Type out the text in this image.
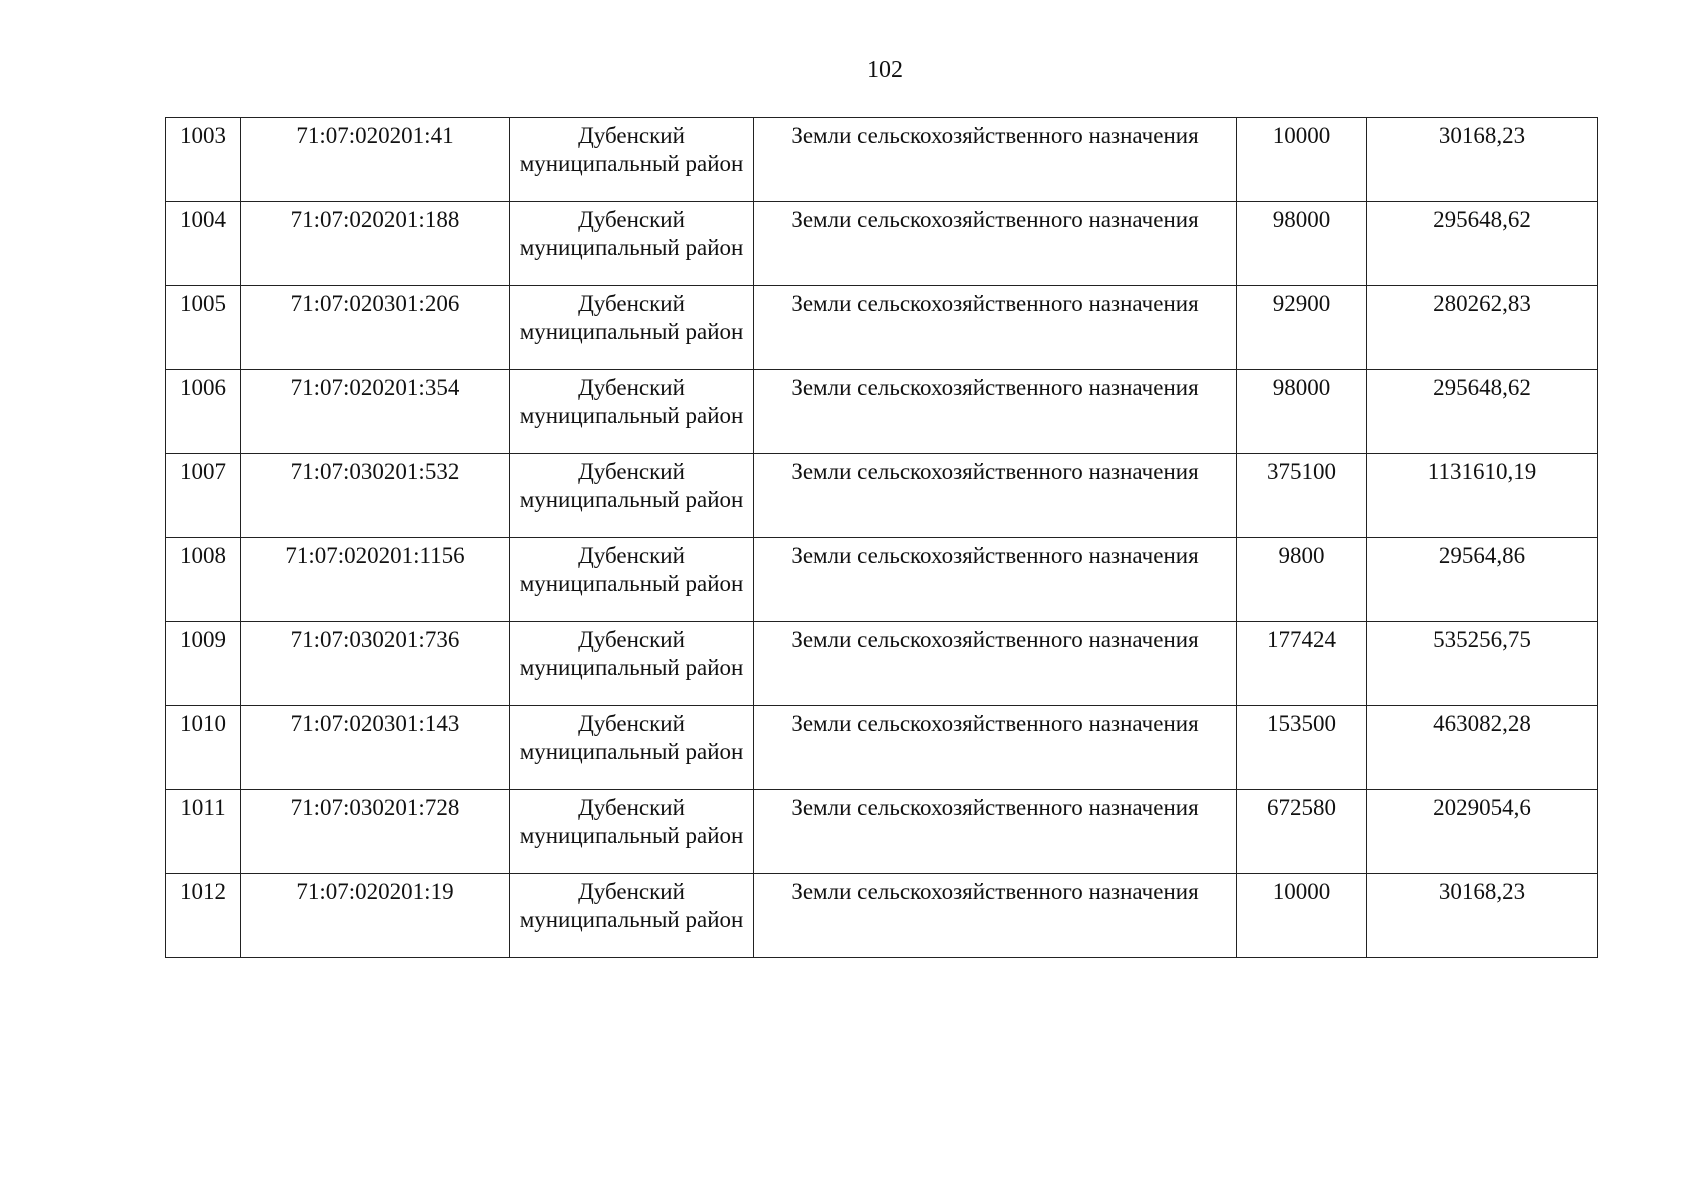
102
1003	71:07:020201:41	Дубенский муниципальный район	Земли сельскохозяйственного назначения	10000	30168,23
1004	71:07:020201:188	Дубенский муниципальный район	Земли сельскохозяйственного назначения	98000	295648,62
1005	71:07:020301:206	Дубенский муниципальный район	Земли сельскохозяйственного назначения	92900	280262,83
1006	71:07:020201:354	Дубенский муниципальный район	Земли сельскохозяйственного назначения	98000	295648,62
1007	71:07:030201:532	Дубенский муниципальный район	Земли сельскохозяйственного назначения	375100	1131610,19
1008	71:07:020201:1156	Дубенский муниципальный район	Земли сельскохозяйственного назначения	9800	29564,86
1009	71:07:030201:736	Дубенский муниципальный район	Земли сельскохозяйственного назначения	177424	535256,75
1010	71:07:020301:143	Дубенский муниципальный район	Земли сельскохозяйственного назначения	153500	463082,28
1011	71:07:030201:728	Дубенский муниципальный район	Земли сельскохозяйственного назначения	672580	2029054,6
1012	71:07:020201:19	Дубенский муниципальный район	Земли сельскохозяйственного назначения	10000	30168,23
